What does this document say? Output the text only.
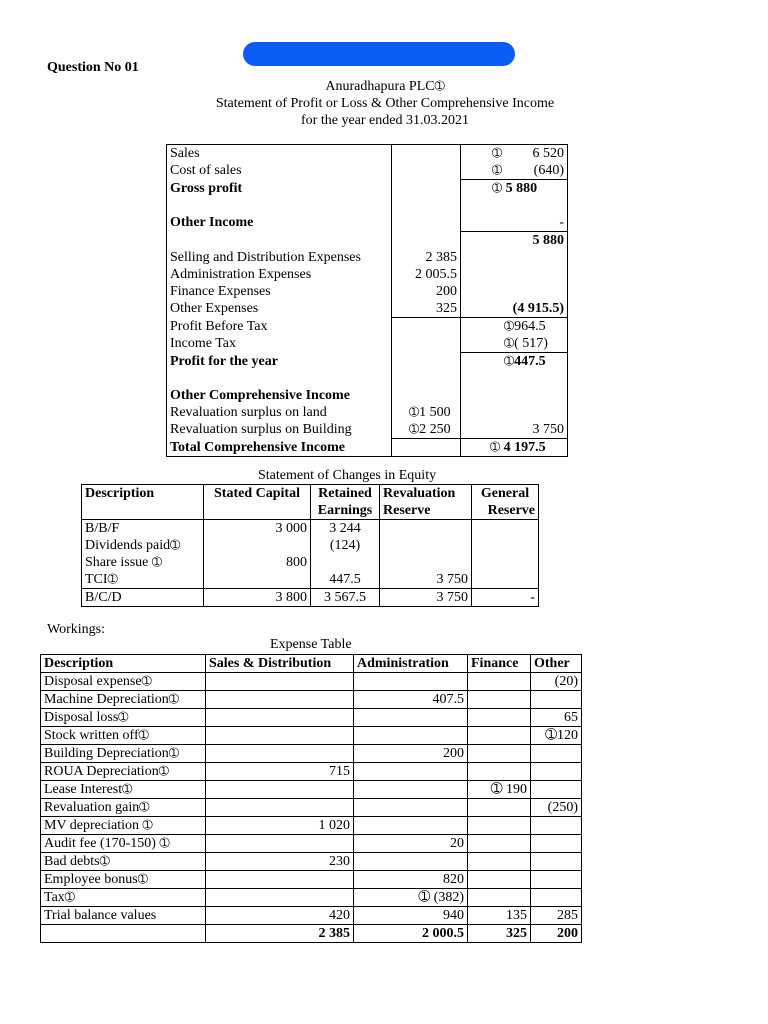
Question No 01
Anuradhapura PLC➀
Statement of Profit or Loss & Other Comprehensive Income
for the year ended 31.03.2021
Sales		➀ 6 520

Cost of sales		➀ (640)

Gross profit		➀ 5 880

Other Income		-
		5 880

Selling and Distribution Expenses	2 385	
Administration Expenses	2 005.5	
Finance Expenses	200	
Other Expenses	325	(4 915.5)
Profit Before Tax		➀964.5
Income Tax		➀( 517)
Profit for the year		➀447.5

Other Comprehensive Income		
Revaluation surplus on land	➀1 500	
Revaluation surplus on Building	➀2 250	3 750
Total Comprehensive Income		➀ 4 197.5
Statement of Changes in Equity
Description	Stated Capital	Retained	Revaluation	General
		Earnings	Reserve	Reserve
B/B/F	3 000	3 244		
Dividends paid➀		(124)		
Share issue ➀	800			
TCI➀		447.5	3 750	
B/C/D	3 800	3 567.5	3 750	-
Workings:
Expense Table
Description	Sales & Distribution	Administration	Finance	Other
Disposal expense➀				(20)
Machine Depreciation➀		407.5		
Disposal loss➀				65
Stock written off➀				➀120
Building Depreciation➀		200		
ROUA Depreciation➀	715			
Lease Interest➀			➀ 190	
Revaluation gain➀				(250)
MV depreciation ➀	1 020			
Audit fee (170-150) ➀		20		
Bad debts➀	230			
Employee bonus➀		820		
Tax➀		➀ (382)		
Trial balance values	420	940	135	285
	2 385	2 000.5	325	200
